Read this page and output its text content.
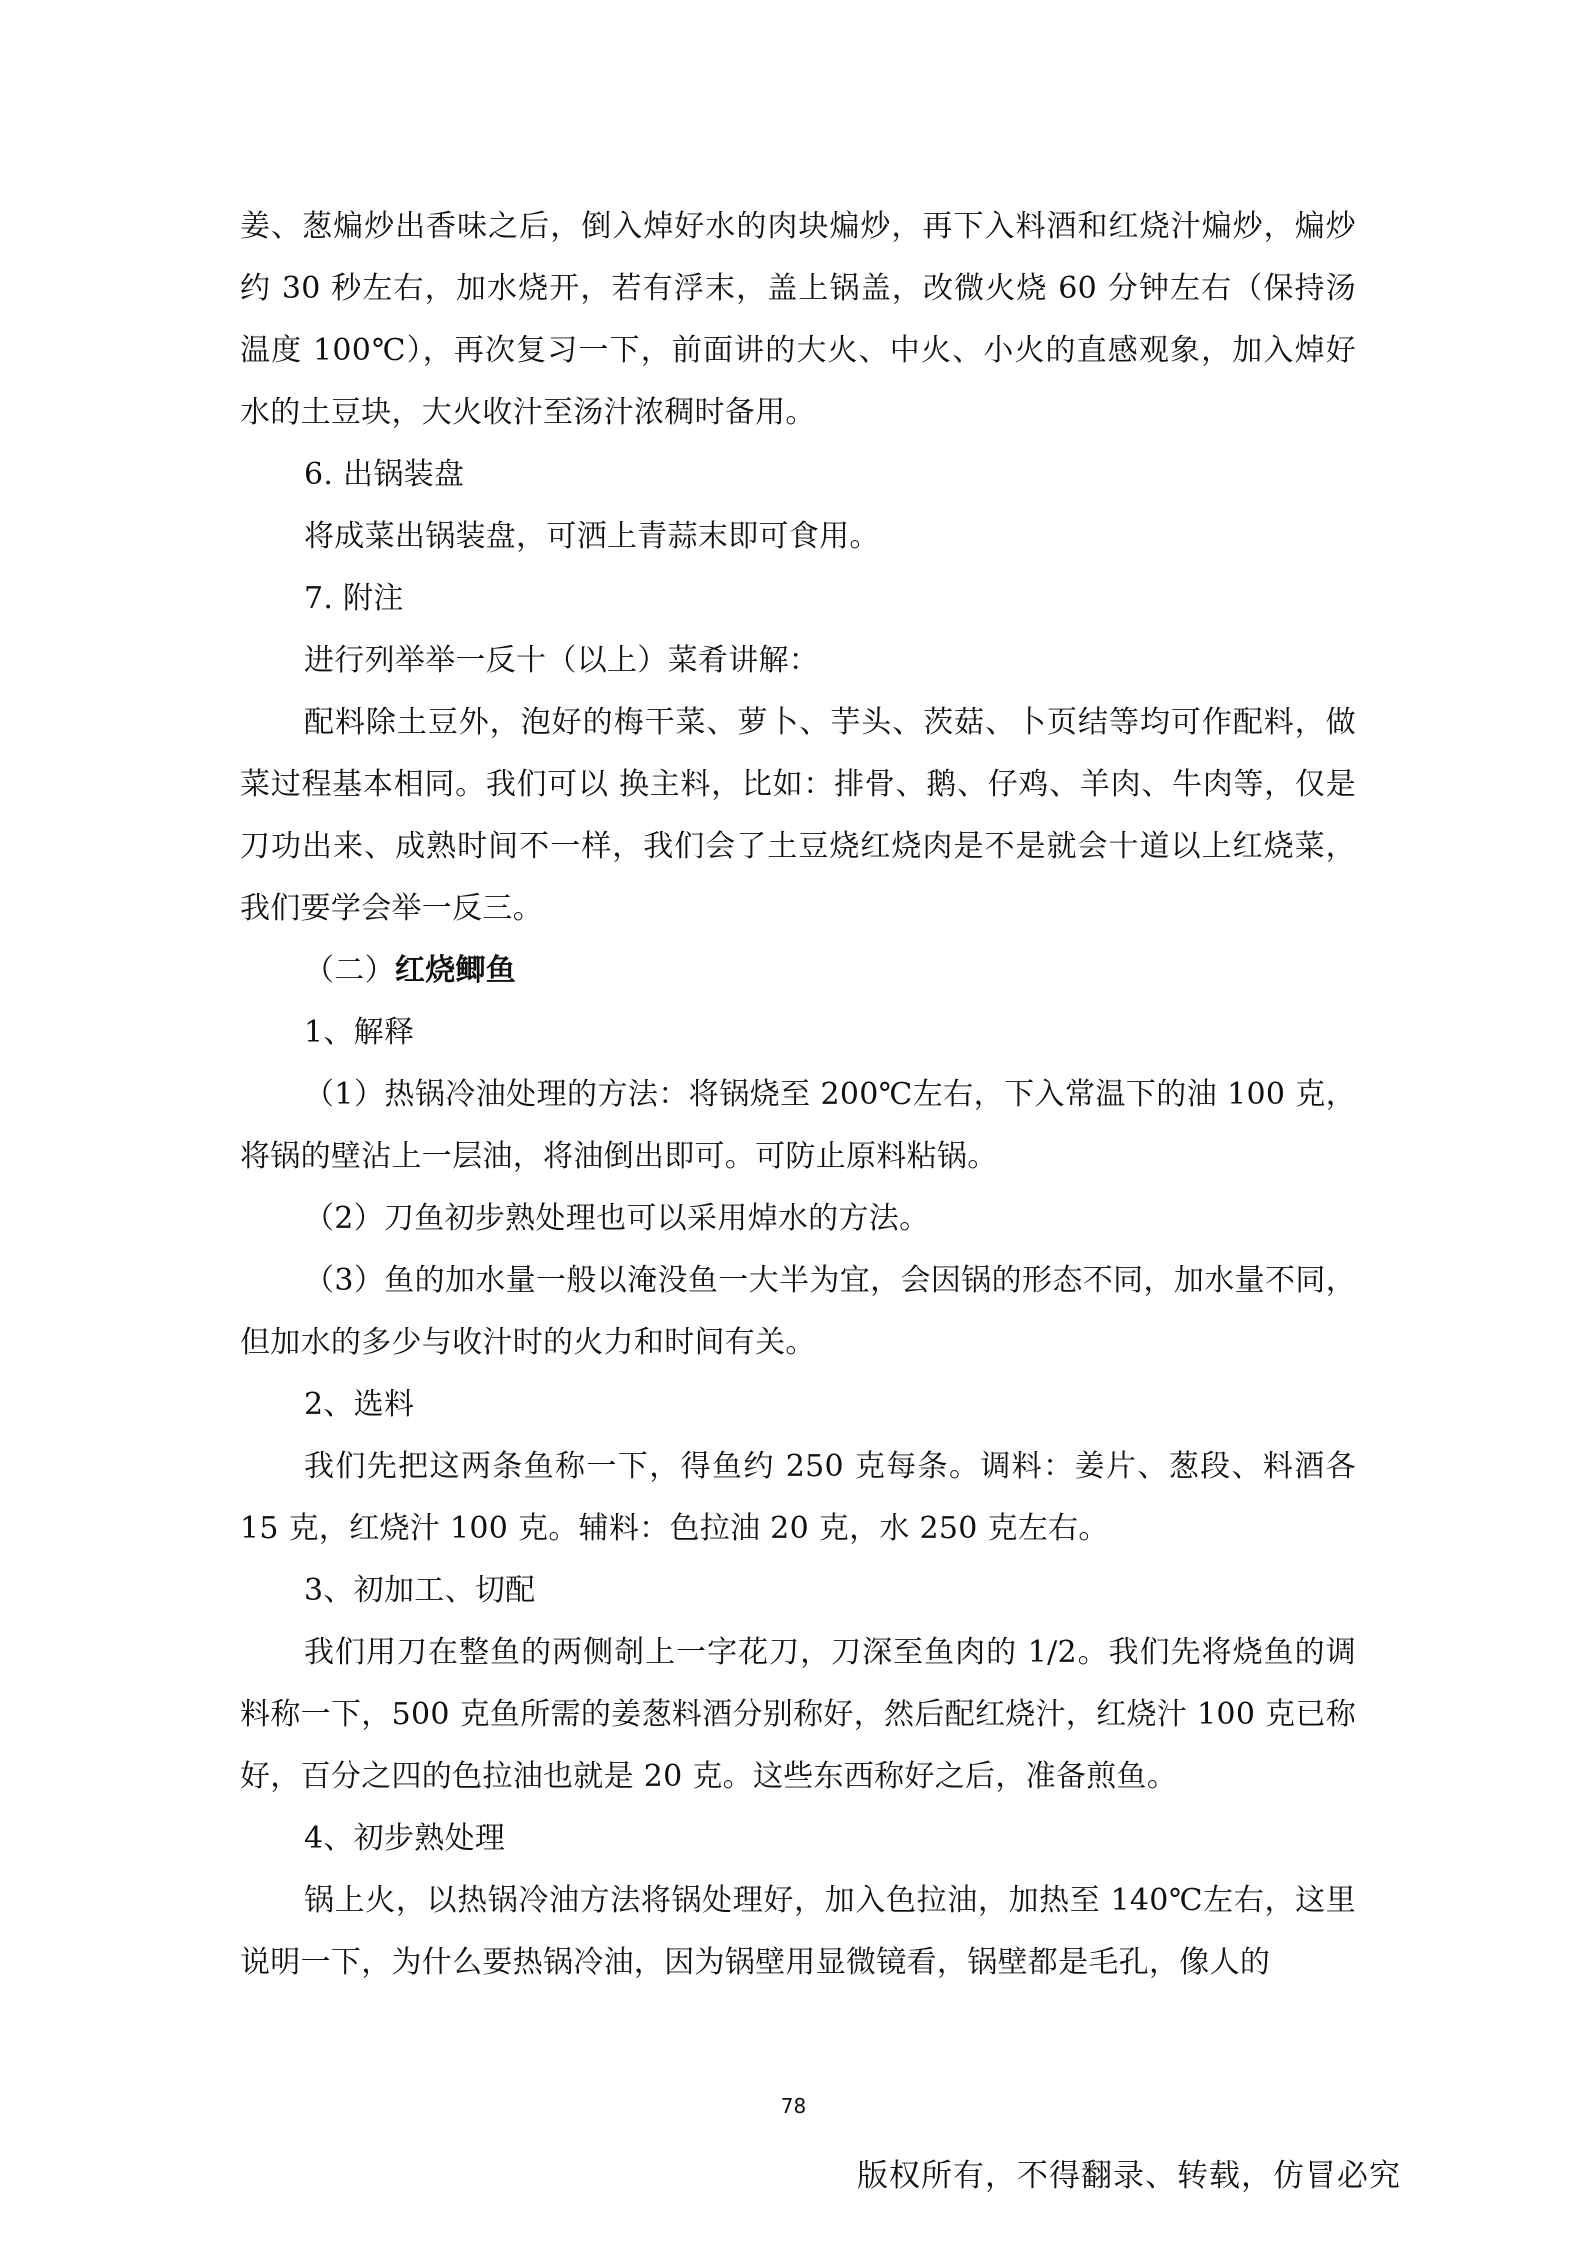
姜、葱煸炒出香味之后，倒入焯好水的肉块煸炒，再下入料酒和红烧汁煸炒，煸炒约 30 秒左右，加水烧开，若有浮末，盖上锅盖，改微火烧 60 分钟左右（保持汤温度 100℃），再次复习一下，前面讲的大火、中火、小火的直感观象，加入焯好水的土豆块，大火收汁至汤汁浓稠时备用。

6. 出锅装盘

将成菜出锅装盘，可洒上青蒜末即可食用。

7. 附注

进行列举举一反十（以上）菜肴讲解：

配料除土豆外，泡好的梅干菜、萝卜、芋头、茨菇、卜页结等均可作配料，做菜过程基本相同。我们可以 换主料，比如：排骨、鹅、仔鸡、羊肉、牛肉等，仅是刀功出来、成熟时间不一样，我们会了土豆烧红烧肉是不是就会十道以上红烧菜，我们要学会举一反三。

（二）红烧鲫鱼

1、解释

（1）热锅冷油处理的方法：将锅烧至 200℃左右，下入常温下的油 100 克，将锅的壁沾上一层油，将油倒出即可。可防止原料粘锅。

（2）刀鱼初步熟处理也可以采用焯水的方法。

（3）鱼的加水量一般以淹没鱼一大半为宜，会因锅的形态不同，加水量不同，但加水的多少与收汁时的火力和时间有关。

2、选料

我们先把这两条鱼称一下，得鱼约 250 克每条。调料：姜片、葱段、料酒各 15 克，红烧汁 100 克。辅料：色拉油 20 克，水 250 克左右。

3、初加工、切配

我们用刀在整鱼的两侧剞上一字花刀，刀深至鱼肉的 1/2。我们先将烧鱼的调料称一下，500 克鱼所需的姜葱料酒分别称好，然后配红烧汁，红烧汁 100 克已称好，百分之四的色拉油也就是 20 克。这些东西称好之后，准备煎鱼。

4、初步熟处理

锅上火，以热锅冷油方法将锅处理好，加入色拉油，加热至 140℃左右，这里说明一下，为什么要热锅冷油，因为锅壁用显微镜看，锅壁都是毛孔，像人的

78
版权所有，不得翻录、转载，仿冒必究
